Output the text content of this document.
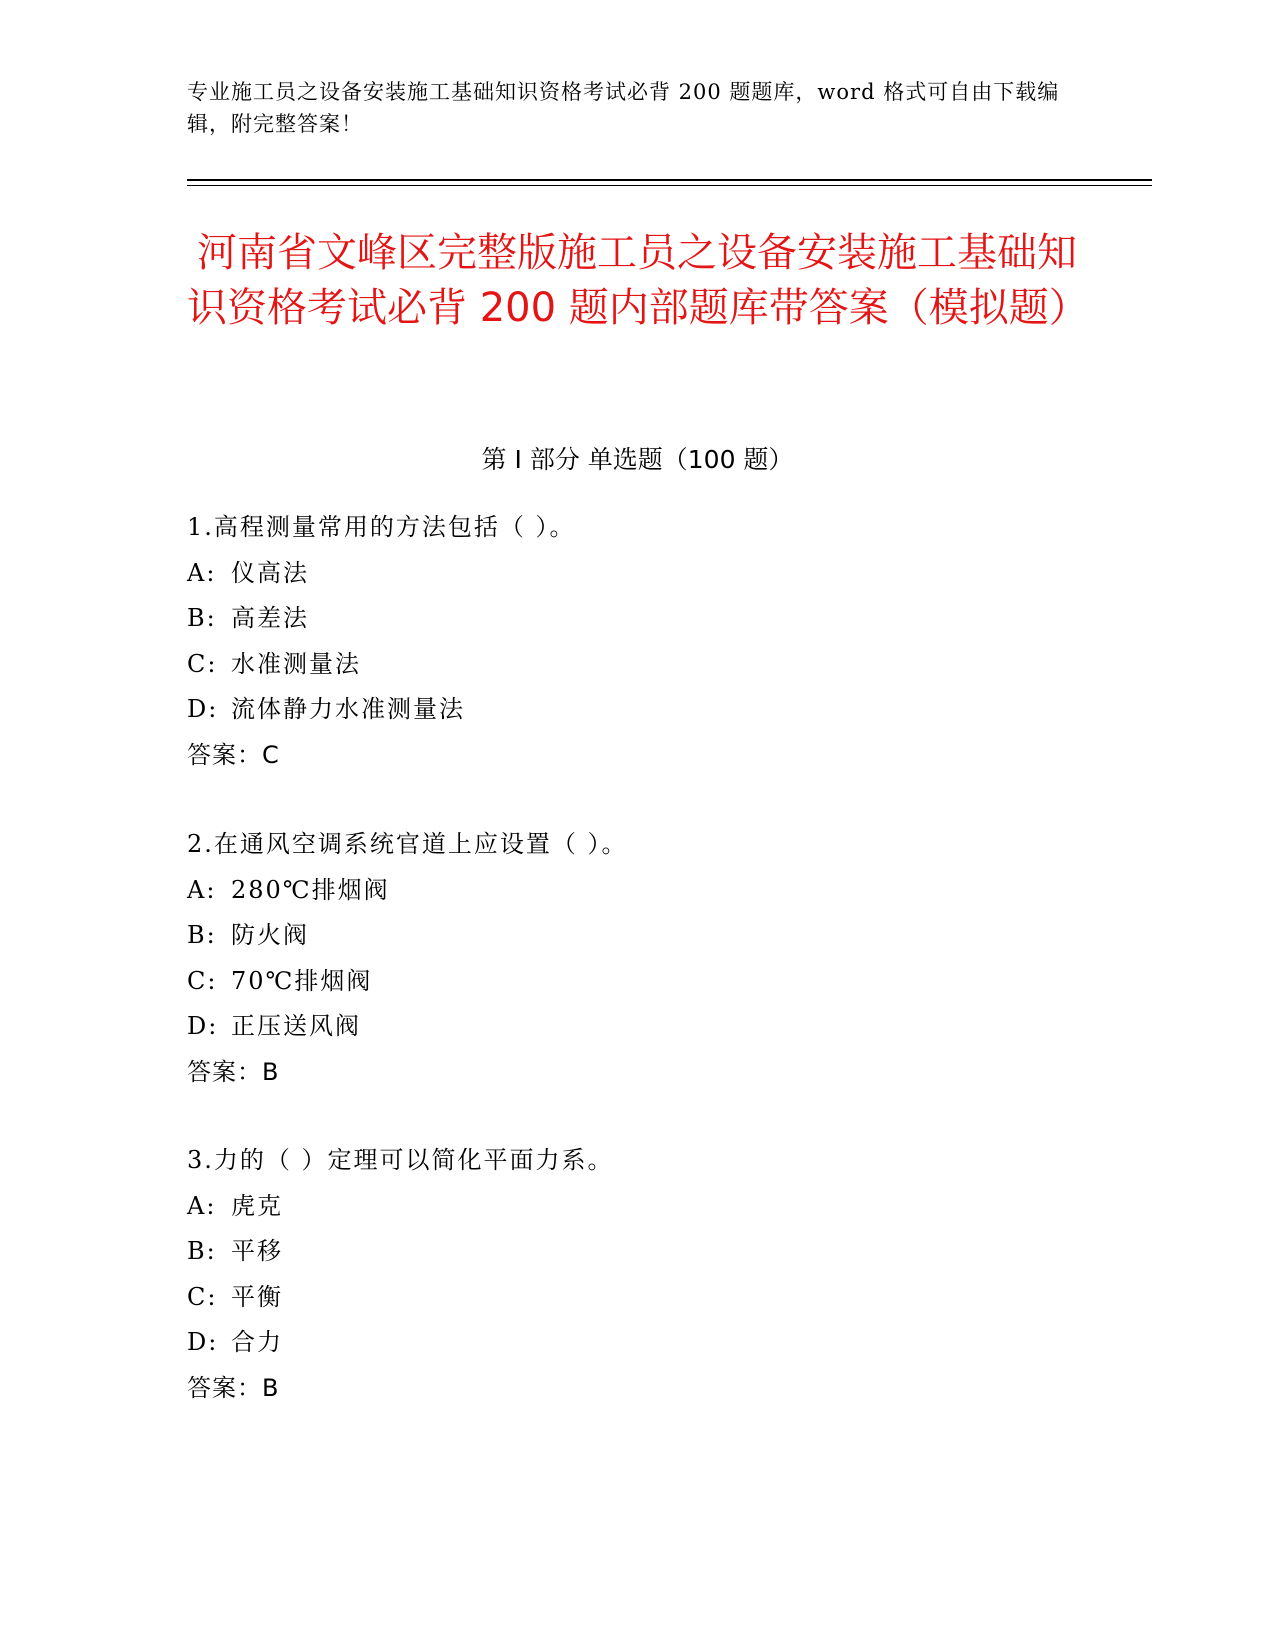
专业施工员之设备安装施工基础知识资格考试必背 200 题题库，word 格式可自由下载编辑，附完整答案！
河南省文峰区完整版施工员之设备安装施工基础知识资格考试必背 200 题内部题库带答案（模拟题）
第 I 部分 单选题（100 题）
1.高程测量常用的方法包括（ ）。
A: 仪高法
B: 高差法
C: 水准测量法
D: 流体静力水准测量法
答案：C
2.在通风空调系统官道上应设置（ ）。
A: 280℃排烟阀
B: 防火阀
C: 70℃排烟阀
D: 正压送风阀
答案：B
3.力的（ ）定理可以简化平面力系。
A: 虎克
B: 平移
C: 平衡
D: 合力
答案：B
